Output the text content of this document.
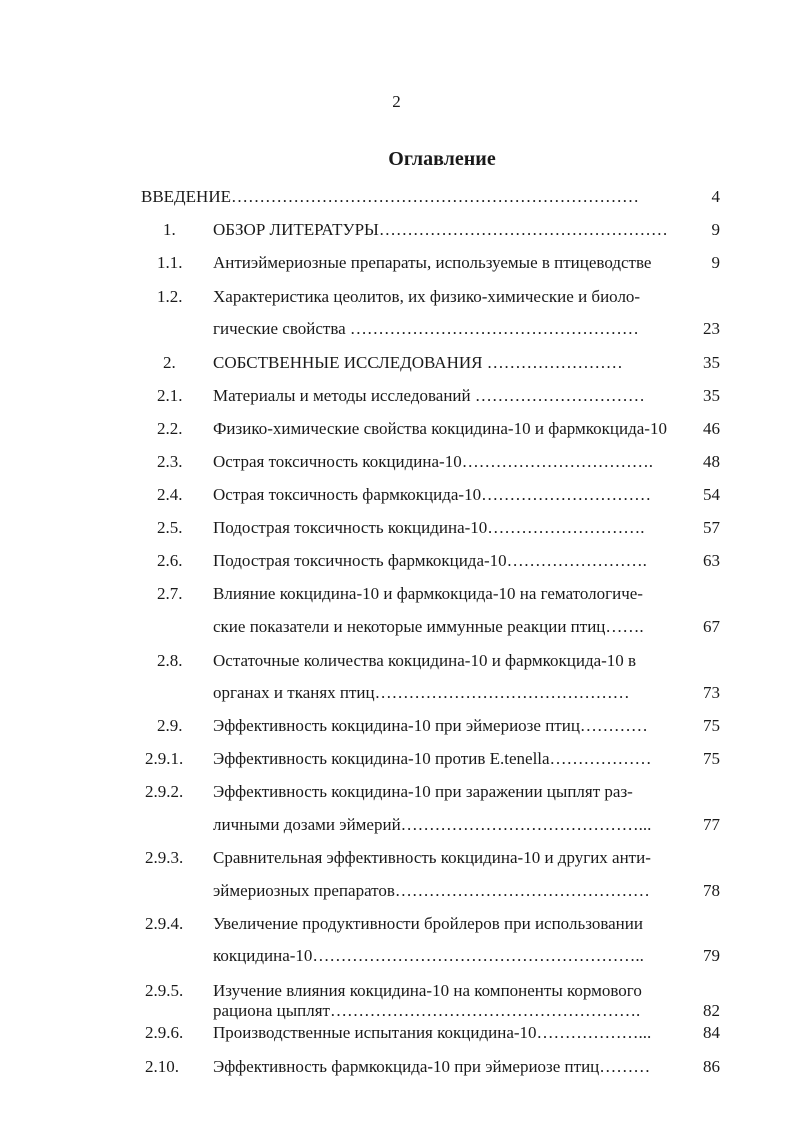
2
Оглавление
ВВЕДЕНИЕ………………………………………………………………	4
1. ОБЗОР ЛИТЕРАТУРЫ……………………………………………	9
1.1. Антиэймериозные препараты, используемые в птицеводстве	9
1.2. Характеристика цеолитов, их физико-химические и биоло-
гические свойства ……………………………………………	23
2. СОБСТВЕННЫЕ ИССЛЕДОВАНИЯ ……………………	35
2.1. Материалы и методы исследований …………………………	35
2.2. Физико-химические свойства кокцидина-10 и фармкокцида-10	46
2.3. Острая токсичность кокцидина-10…………………………….	48
2.4. Острая токсичность фармкокцида-10…………………………	54
2.5. Подострая токсичность кокцидина-10……………………….	57
2.6. Подострая токсичность фармкокцида-10…………………….	63
2.7. Влияние кокцидина-10 и фармкокцида-10 на гематологиче-
ские показатели и некоторые иммунные реакции птиц…….	67
2.8. Остаточные количества кокцидина-10 и фармкокцида-10 в
органах и тканях птиц………………………………………	73
2.9. Эффективность кокцидина-10 при эймериозе птиц…………	75
2.9.1. Эффективность кокцидина-10 против E.tenella………………	75
2.9.2. Эффективность кокцидина-10 при заражении цыплят раз-
личными дозами эймерий……………………………………...	77
2.9.3. Сравнительная эффективность кокцидина-10 и других анти-
эймериозных препаратов………………………………………	78
2.9.4. Увеличение продуктивности бройлеров при использовании
кокцидина-10…………………………………………………..	79
2.9.5. Изучение влияния кокцидина-10 на компоненты кормового
рациона цыплят……………………………………………….	82
2.9.6. Производственные испытания кокцидина-10………………...	84
2.10. Эффективность фармкокцида-10 при эймериозе птиц………	86
